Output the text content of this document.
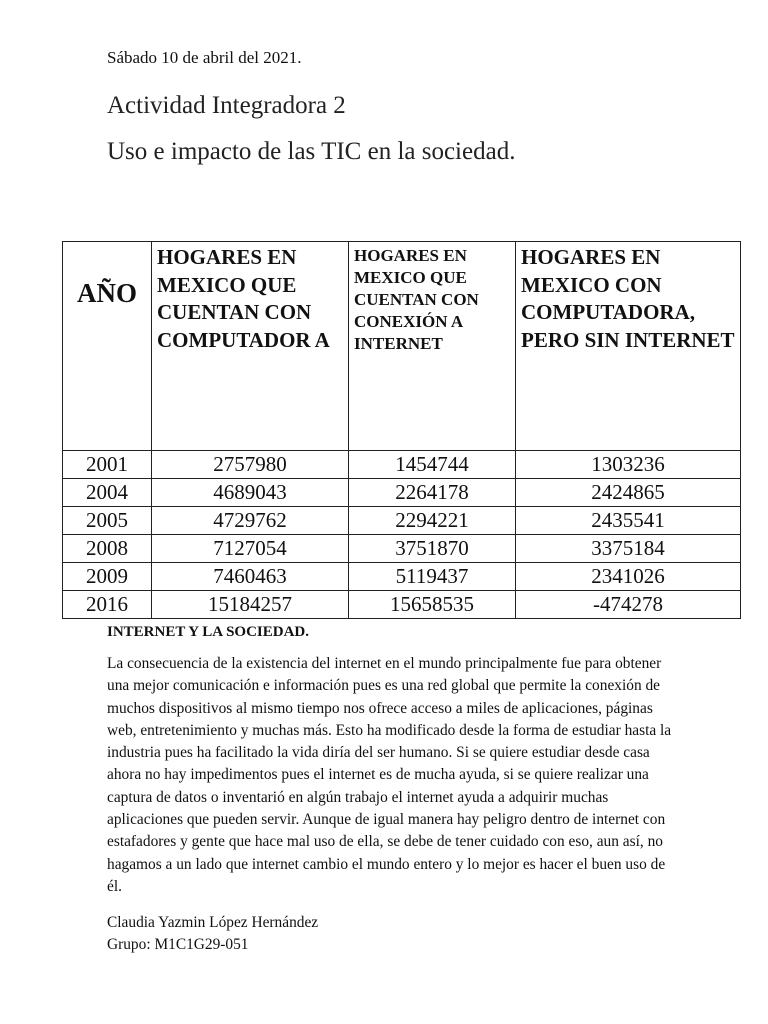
Sábado 10 de abril del 2021.
Actividad Integradora 2
Uso e impacto de las TIC en la sociedad.
AÑO	HOGARES EN MEXICO QUE CUENTAN CON COMPUTADOR A	HOGARES EN MEXICO QUE CUENTAN CON CONEXIÓN A INTERNET	HOGARES EN MEXICO CON COMPUTADORA, PERO SIN INTERNET
2001	2757980	1454744	1303236
2004	4689043	2264178	2424865
2005	4729762	2294221	2435541
2008	7127054	3751870	3375184
2009	7460463	5119437	2341026
2016	15184257	15658535	-474278

INTERNET Y LA SOCIEDAD.

La consecuencia de la existencia del internet en el mundo principalmente fue para obtener una mejor comunicación e información pues es una red global que permite la conexión de muchos dispositivos al mismo tiempo nos ofrece acceso a miles de aplicaciones, páginas web, entretenimiento y muchas más. Esto ha modificado desde la forma de estudiar hasta la industria pues ha facilitado la vida diría del ser humano. Si se quiere estudiar desde casa ahora no hay impedimentos pues el internet es de mucha ayuda, si se quiere realizar una captura de datos o inventarió en algún trabajo el internet ayuda a adquirir muchas aplicaciones que pueden servir. Aunque de igual manera hay peligro dentro de internet con estafadores y gente que hace mal uso de ella, se debe de tener cuidado con eso, aun así, no hagamos a un lado que internet cambio el mundo entero y lo mejor es hacer el buen uso de él.

Claudia Yazmin López Hernández
Grupo: M1C1G29-051
